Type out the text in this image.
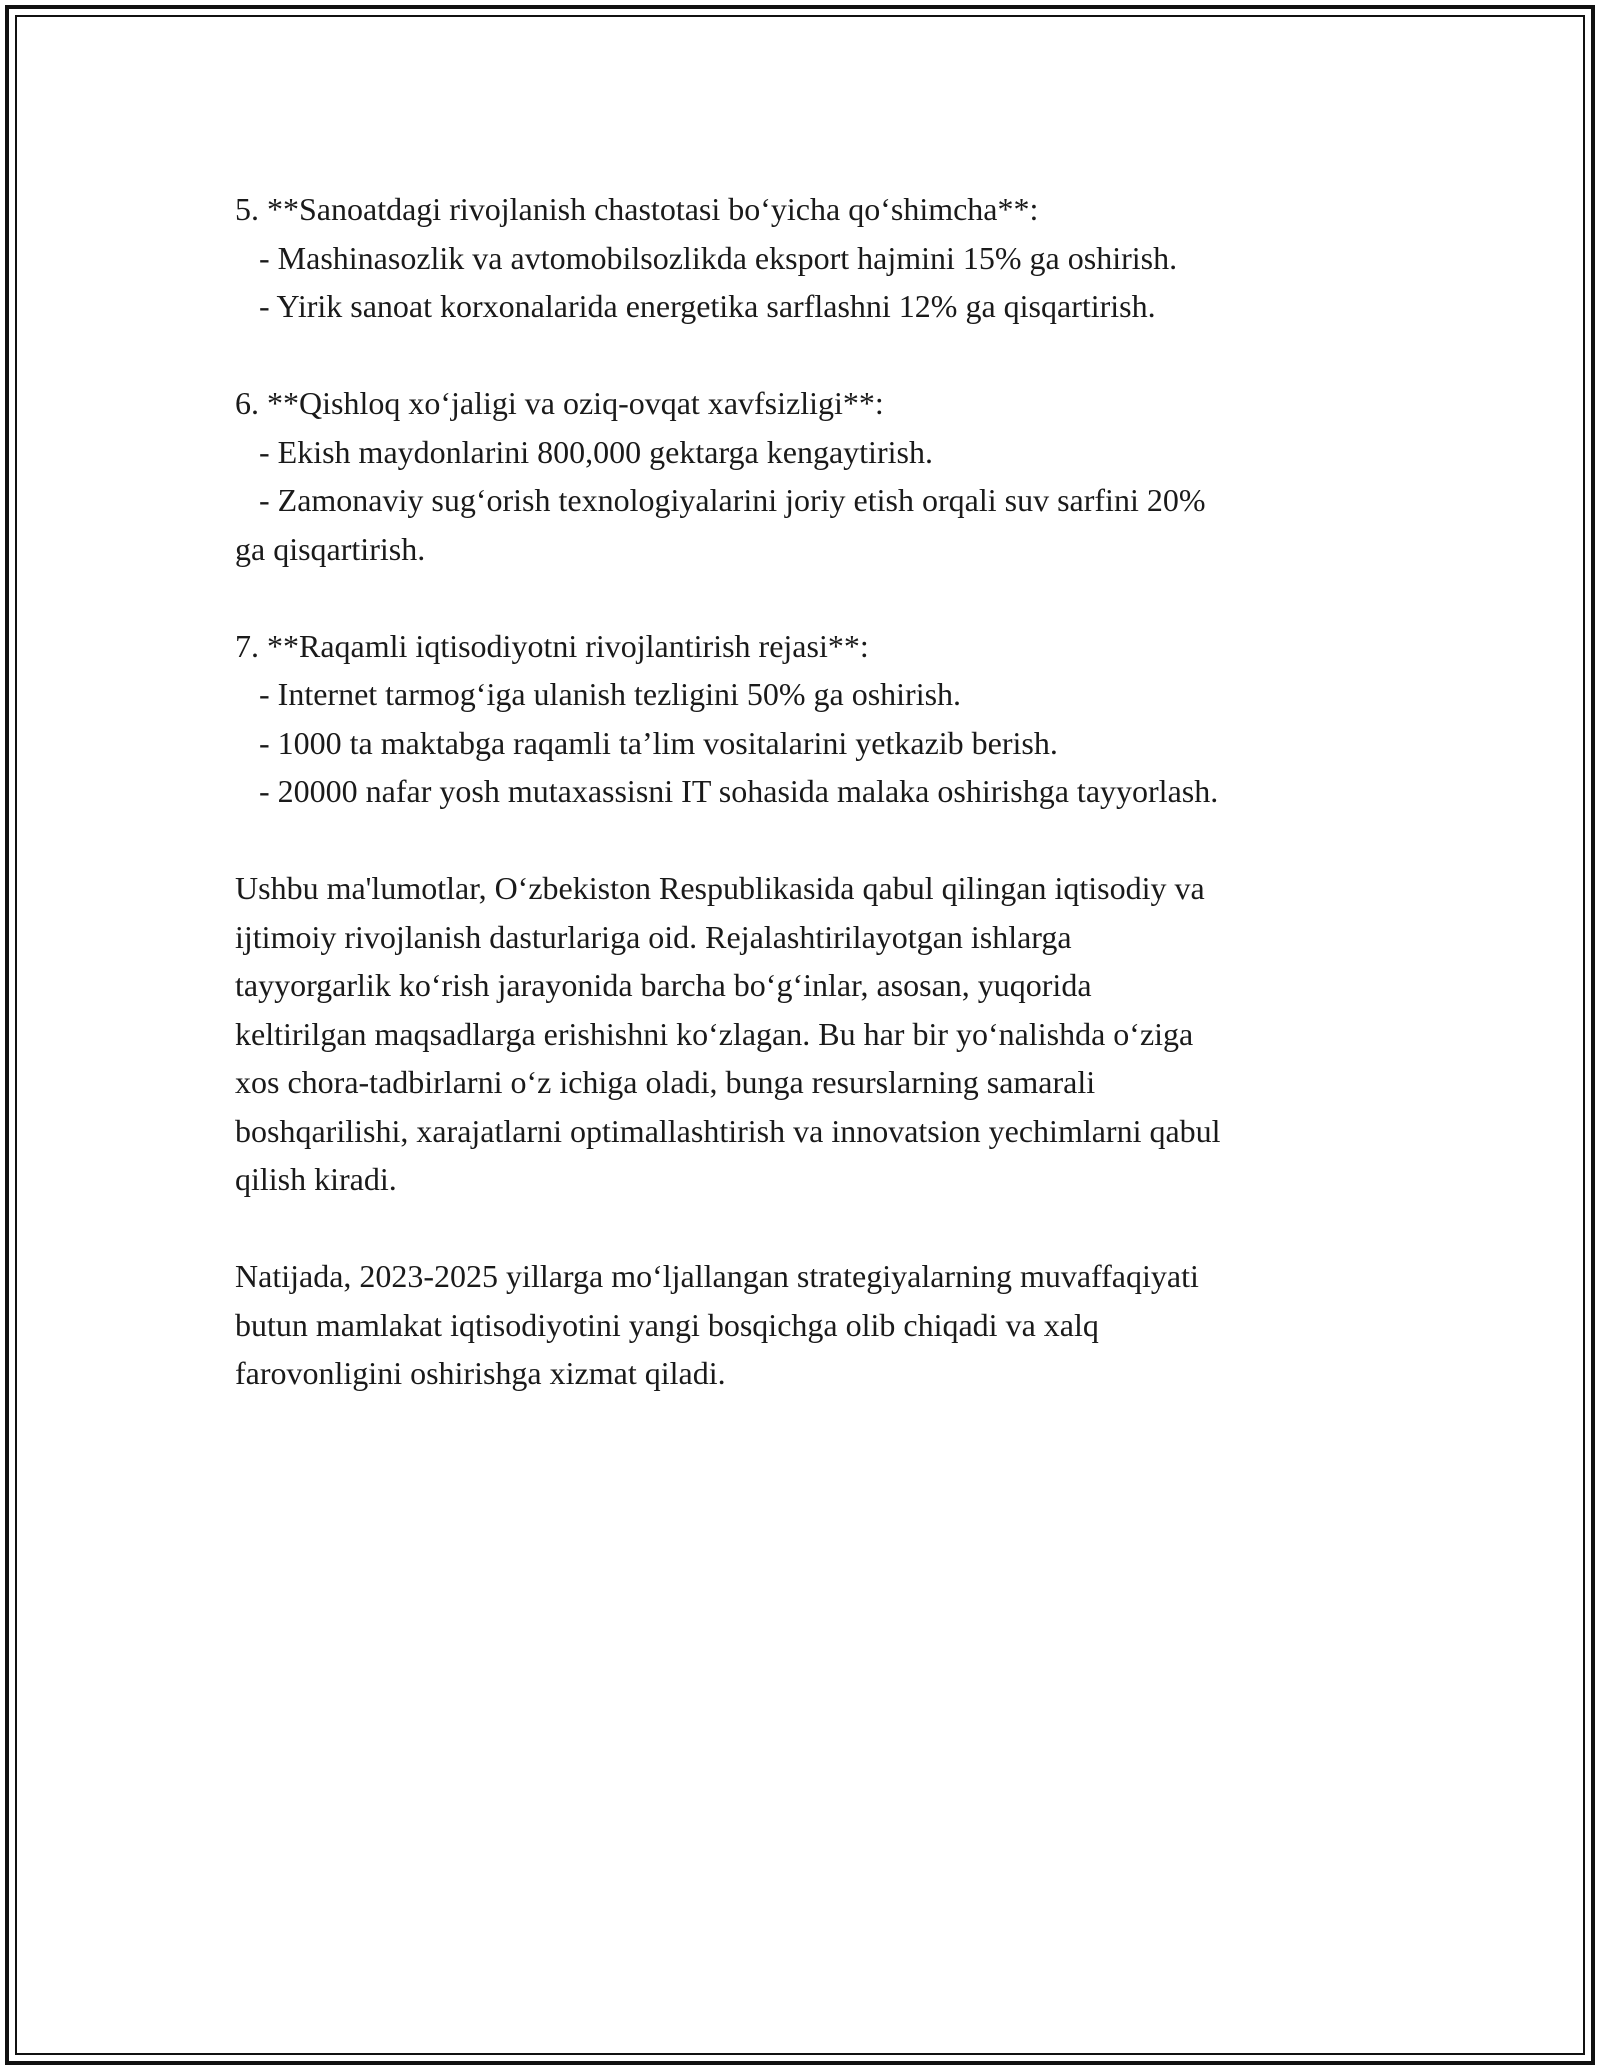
5. **Sanoatdagi rivojlanish chastotasi bo‘yicha qo‘shimcha**:
- Mashinasozlik va avtomobilsozlikda eksport hajmini 15% ga oshirish.
- Yirik sanoat korxonalarida energetika sarflashni 12% ga qisqartirish.
6. **Qishloq xo‘jaligi va oziq-ovqat xavfsizligi**:
- Ekish maydonlarini 800,000 gektarga kengaytirish.
- Zamonaviy sug‘orish texnologiyalarini joriy etish orqali suv sarfini 20%
ga qisqartirish.
7. **Raqamli iqtisodiyotni rivojlantirish rejasi**:
- Internet tarmog‘iga ulanish tezligini 50% ga oshirish.
- 1000 ta maktabga raqamli ta’lim vositalarini yetkazib berish.
- 20000 nafar yosh mutaxassisni IT sohasida malaka oshirishga tayyorlash.
Ushbu ma'lumotlar, O‘zbekiston Respublikasida qabul qilingan iqtisodiy va
ijtimoiy rivojlanish dasturlariga oid. Rejalashtirilayotgan ishlarga
tayyorgarlik ko‘rish jarayonida barcha bo‘g‘inlar, asosan, yuqorida
keltirilgan maqsadlarga erishishni ko‘zlagan. Bu har bir yo‘nalishda o‘ziga
xos chora-tadbirlarni o‘z ichiga oladi, bunga resurslarning samarali
boshqarilishi, xarajatlarni optimallashtirish va innovatsion yechimlarni qabul
qilish kiradi.
Natijada, 2023-2025 yillarga mo‘ljallangan strategiyalarning muvaffaqiyati
butun mamlakat iqtisodiyotini yangi bosqichga olib chiqadi va xalq
farovonligini oshirishga xizmat qiladi.
